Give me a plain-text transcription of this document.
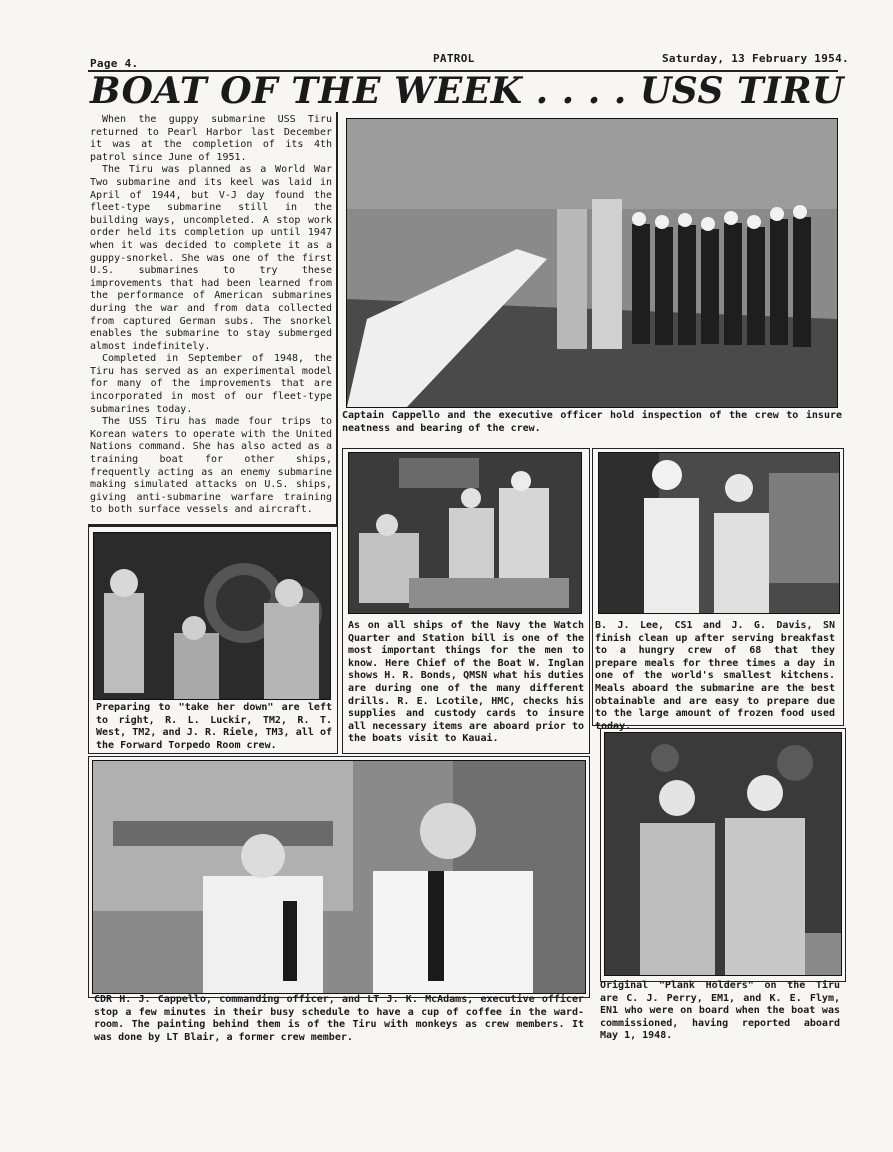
Page 4.	PATROL	Saturday, 13 February 1954.
BOAT OF THE WEEK . . . . USS TIRU

When the guppy submarine USS Tiru returned to Pearl Harbor last December it was at the completion of its 4th patrol since June of 1951.

The Tiru was planned as a World War Two submarine and its keel was laid in April of 1944, but V-J day found the fleet-type submarine still in the building ways, uncompleted. A stop work order held its completion up until 1947 when it was decided to complete it as a guppy-snorkel. She was one of the first U.S. submarines to try these improvements that had been learned from the performance of American submarines during the war and from data collected from captured German subs. The snorkel enables the submarine to stay submerged almost indefinitely.

Completed in September of 1948, the Tiru has served as an experimental model for many of the improvements that are incorporated in most of our fleet-type submarines today.

The USS Tiru has made four trips to Korean waters to operate with the United Nations command. She has also acted as a training boat for other ships, frequently acting as an enemy submarine making simulated attacks on U.S. ships, giving anti-submarine warfare training to both surface vessels and aircraft.

Captain Cappello and the executive officer hold inspection of the crew to insure neatness and bearing of the crew.
Preparing to "take her down" are left to right, R. L. Luckir, TM2, R. T. West, TM2, and J. R. Riele, TM3, all of the Forward Torpedo Room crew.
As on all ships of the Navy the Watch Quarter and Station bill is one of the most important things for the men to know. Here Chief of the Boat W. Inglan shows H. R. Bonds, QMSN what his duties are during one of the many different drills. R. E. Lcotile, HMC, checks his supplies and custody cards to insure all necessary items are aboard prior to the boats visit to Kauai.
B. J. Lee, CS1 and J. G. Davis, SN finish clean up after serving breakfast to a hungry crew of 68 that they prepare meals for three times a day in one of the world's smallest kitchens. Meals aboard the submarine are the best obtainable and are easy to prepare due to the large amount of frozen food used today.
CDR H. J. Cappello, commanding officer, and LT J. K. McAdams, executive officer stop a few minutes in their busy schedule to have a cup of coffee in the ward-room. The painting behind them is of the Tiru with monkeys as crew members. It was done by LT Blair, a former crew member.
Original "Plank Holders" on the Tiru are C. J. Perry, EM1, and K. E. Flym, EN1 who were on board when the boat was commissioned, having reported aboard May 1, 1948.
